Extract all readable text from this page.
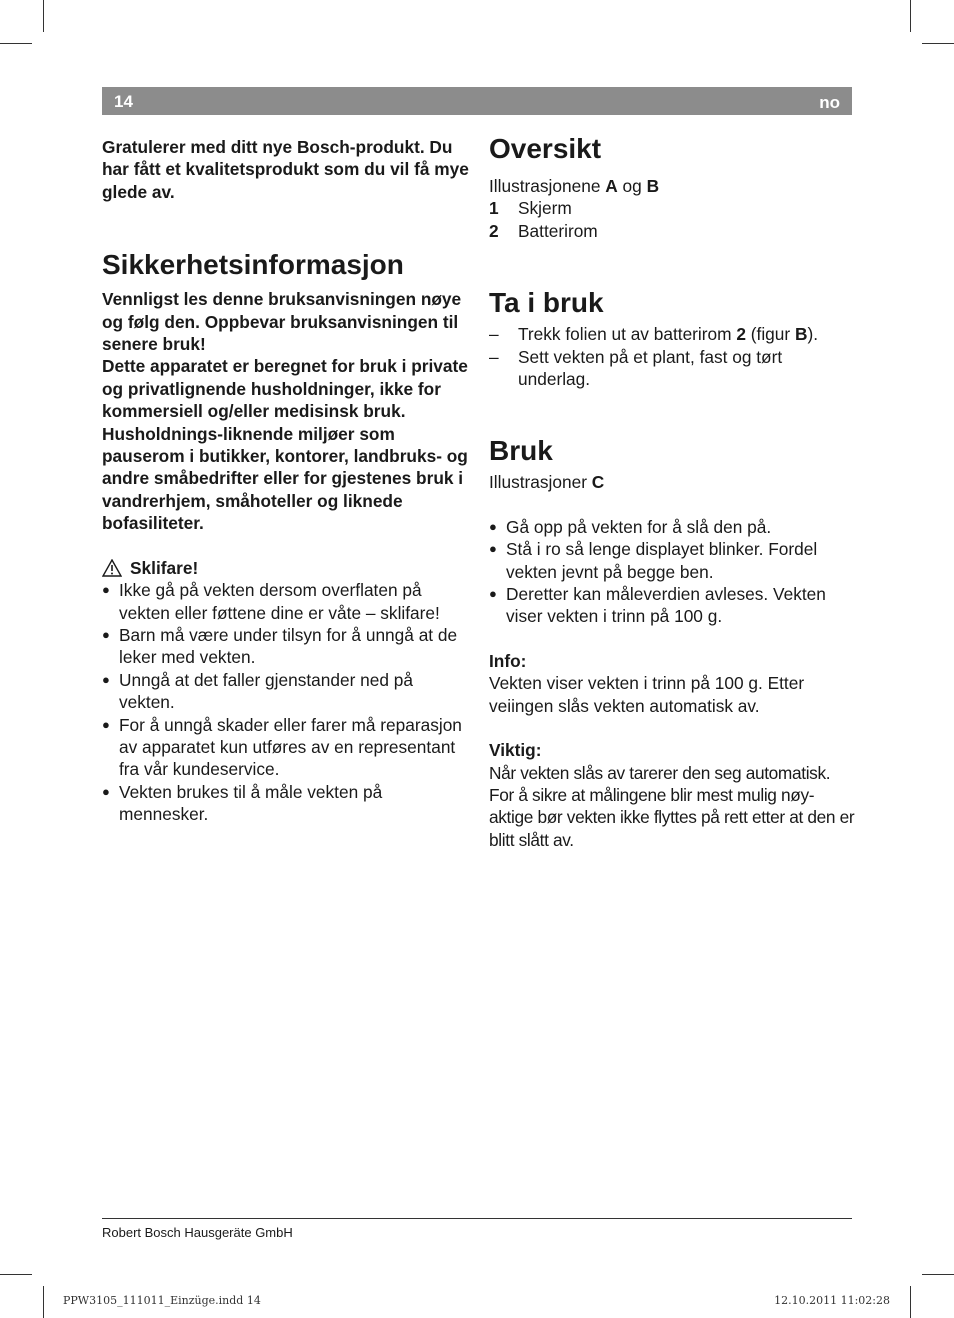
14	no

Gratulerer med ditt nye Bosch-produkt. Du har fått et kvalitetsprodukt som du vil få mye glede av.

Sikkerhetsinformasjon

Vennligst les denne bruksanvisningen nøye og følg den. Oppbevar bruksanvisningen til senere bruk!

Dette apparatet er beregnet for bruk i private og privatlignende husholdninger, ikke for kommersiell og/eller medisinsk bruk.

Husholdnings-liknende miljøer som pauserom i butikker, kontorer, landbruks- og andre småbedrifter eller for gjestenes bruk i vandrerhjem, småhoteller og liknede bofasiliteter.

Sklifare!
● Ikke gå på vekten dersom overflaten på vekten eller føttene dine er våte – sklifare!
● Barn må være under tilsyn for å unngå at de leker med vekten.
● Unngå at det faller gjenstander ned på vekten.
● For å unngå skader eller farer må reparasjon av apparatet kun utføres av en representant fra vår kundeservice.
● Vekten brukes til å måle vekten på mennesker.
Oversikt

Illustrasjonene A og B

1	Skjerm
2	Batterirom
Ta i bruk
–	Trekk folien ut av batterirom 2 (figur B).
–	Sett vekten på et plant, fast og tørt underlag.
Bruk

Illustrasjoner C

● Gå opp på vekten for å slå den på.
● Stå i ro så lenge displayet blinker. Fordel vekten jevnt på begge ben.
● Deretter kan måleverdien avleses. Vekten viser vekten i trinn på 100 g.

Info:

Vekten viser vekten i trinn på 100 g. Etter veiingen slås vekten automatisk av.

Viktig:

Når vekten slås av tarerer den seg automatisk. For å sikre at målingene blir mest mulig nøy-aktige bør vekten ikke flyttes på rett etter at den er blitt slått av.

Robert Bosch Hausgeräte GmbH
PPW3105_111011_Einzüge.indd 14	12.10.2011 11:02:28
